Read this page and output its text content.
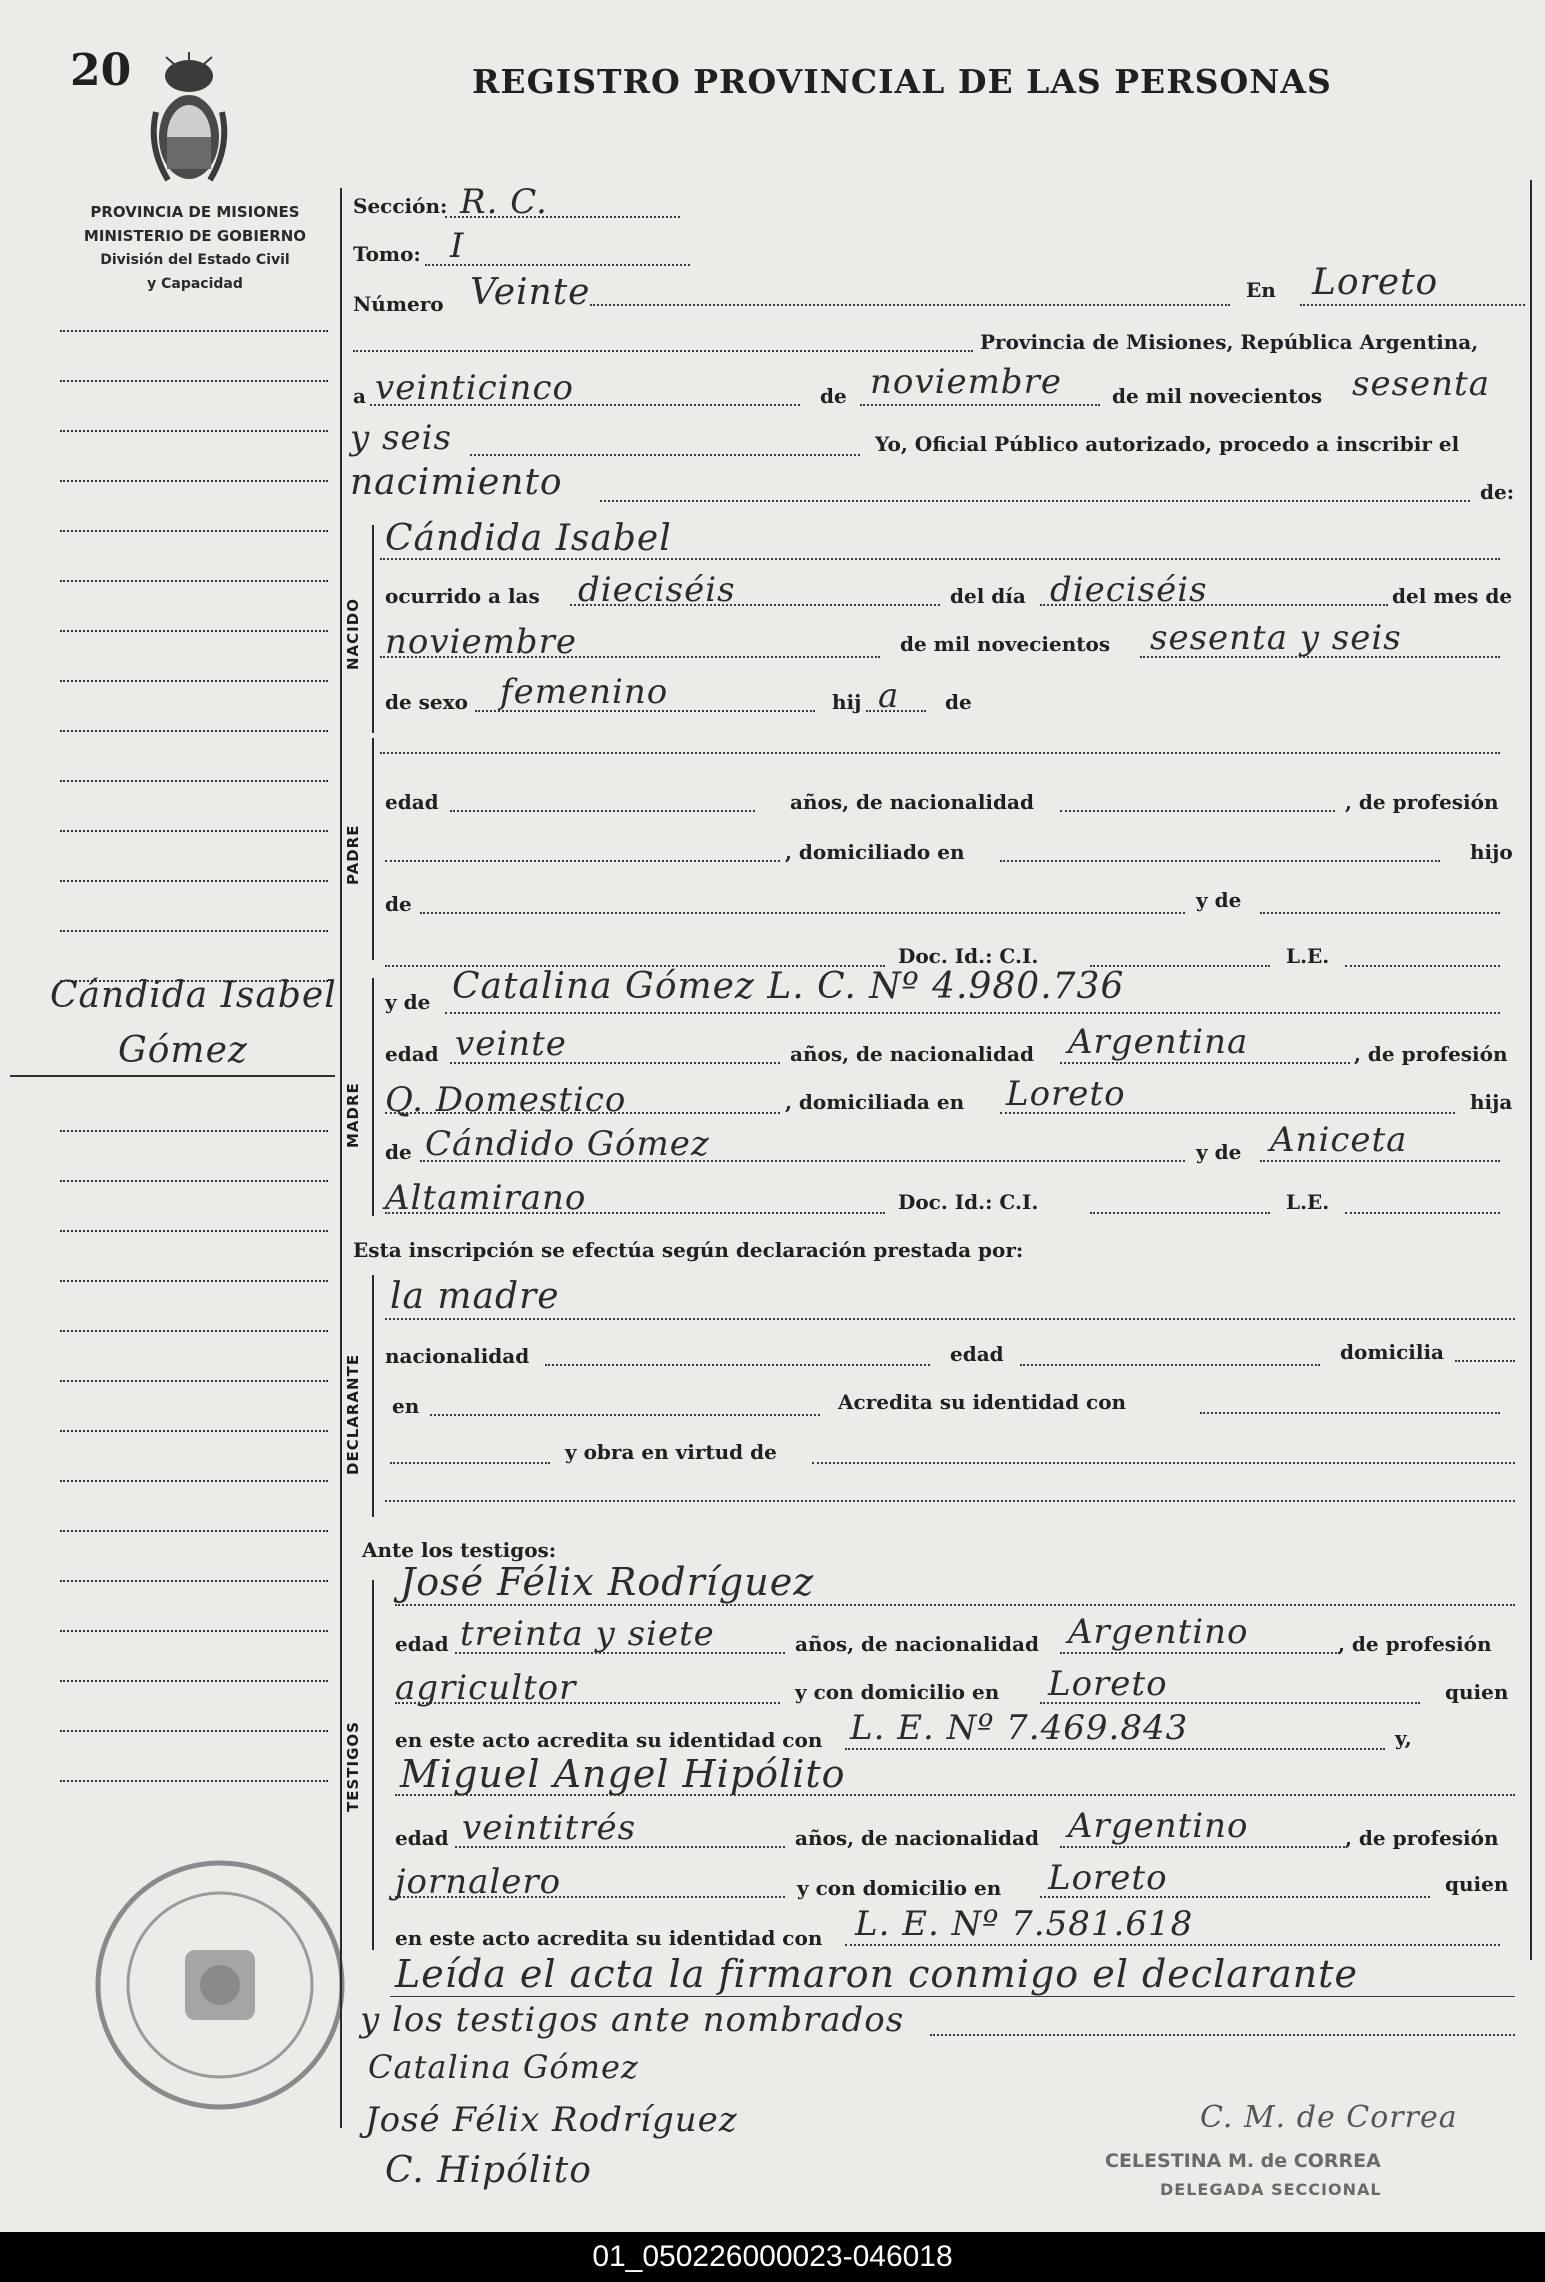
20	REGISTRO PROVINCIAL DE LAS PERSONAS
PROVINCIA DE MISIONES
MINISTERIO DE GOBIERNO
División del Estado Civil
y Capacidad
Cándida Isabel
Gómez
Sección: R. C.
Tomo: I
Número Veinte	En Loreto
Provincia de Misiones, República Argentina,
a veinticinco	de noviembre	de mil novecientos sesenta
y seis	Yo, Oficial Público autorizado, procedo a inscribir el
nacimiento	de:
NACIDO
Cándida Isabel
ocurrido a las dieciséis	del día dieciséis	del mes de
noviembre	de mil novecientos sesenta y seis
de sexo femenino	hij a de
PADRE
edad	años, de nacionalidad	, de profesión
, domiciliado en	hijo
de	y de
Doc. Id.: C.I.	L.E.
MADRE
y de Catalina Gómez L. C. Nº 4.980.736
edad veinte	años, de nacionalidad Argentina	, de profesión
Q. Domestico	, domiciliada en Loreto	hija
de Cándido Gómez	y de Aniceta
Altamirano	Doc. Id.: C.I.	L.E.
Esta inscripción se efectúa según declaración prestada por:
DECLARANTE
la madre
nacionalidad	edad	domicilia
en	Acredita su identidad con
y obra en virtud de
Ante los testigos:
TESTIGOS
José Félix Rodríguez
edad treinta y siete	años, de nacionalidad Argentino	, de profesión
agricultor	y con domicilio en Loreto	quien
en este acto acredita su identidad con L. E. Nº 7.469.843	y,
Miguel Angel Hipólito
edad veintitrés	años, de nacionalidad Argentino	, de profesión
jornalero	y con domicilio en Loreto	quien
en este acto acredita su identidad con L. E. Nº 7.581.618
Leída el acta la firmaron conmigo el declarante
y los testigos ante nombrados
Catalina Gómez
José Félix Rodríguez
C. Hipólito
C. M. de Correa
CELESTINA M. de CORREA
DELEGADA SECCIONAL
01_050226000023-046018
